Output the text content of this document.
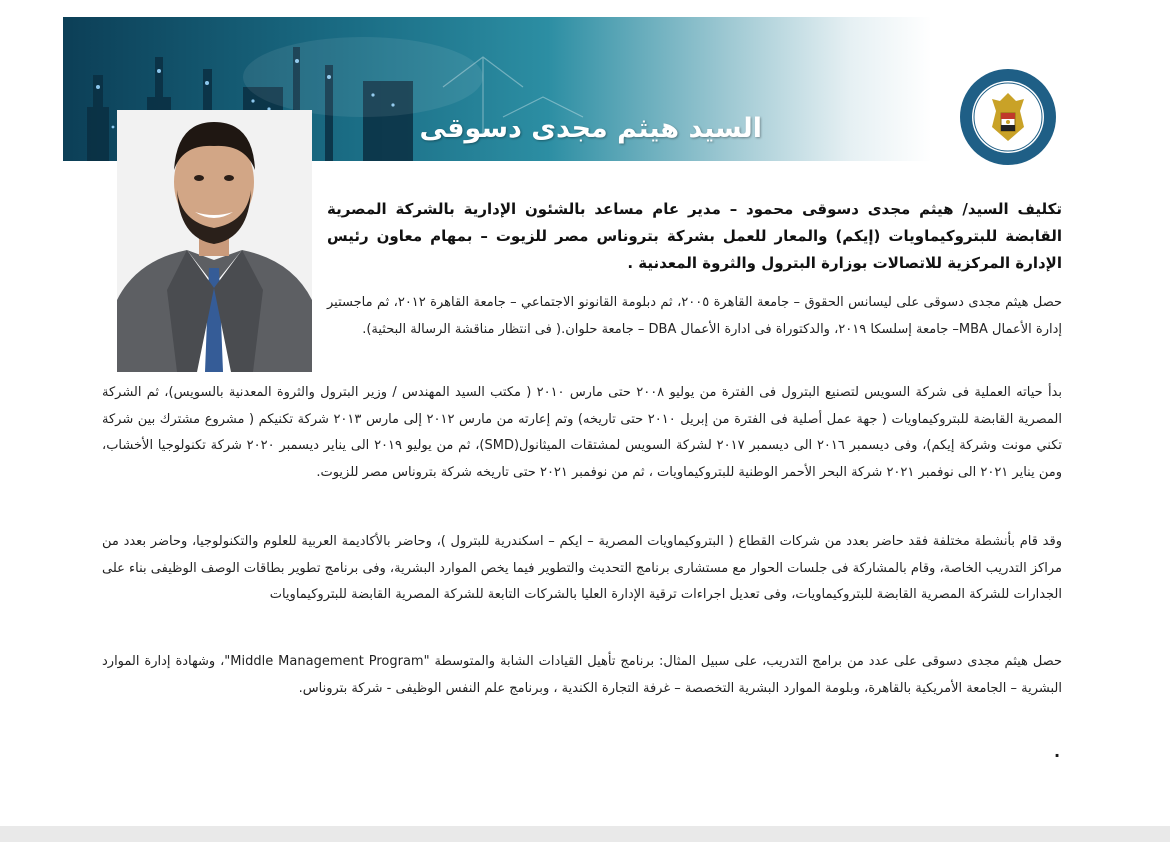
السيد هيثم مجدى دسوقى

تكليف السيد/ هيثم مجدى دسوقى محمود – مدير عام مساعد بالشئون الإدارية بالشركة المصرية القابضة للبتروكيماويات (إيكم) والمعار للعمل بشركة بتروناس مصر للزيوت – بمهام معاون رئيس الإدارة المركزية للاتصالات بوزارة البترول والثروة المعدنية .

حصل هيثم مجدى دسوقى على ليسانس الحقوق – جامعة القاهرة ٢٠٠٥، ثم دبلومة القانونو الاجتماعي – جامعة القاهرة ٢٠١٢، ثم ماجستير إدارة الأعمال MBA– جامعة إسلسكا ٢٠١٩، والدكتوراة فى ادارة الأعمال DBA – جامعة حلوان.( فى انتظار مناقشة الرسالة البحثية).

بدأ حياته العملية فى شركة السويس لتصنيع البترول فى الفترة من يوليو ٢٠٠٨ حتى مارس ٢٠١٠ ( مكتب السيد المهندس / وزير البترول والثروة المعدنية بالسويس)، ثم الشركة المصرية القابضة للبتروكيماويات ( جهة عمل أصلية فى الفترة من إبريل ٢٠١٠ حتى تاريخه) وتم إعارته من مارس ٢٠١٢ إلى مارس ٢٠١٣ شركة تكنيكم ( مشروع مشترك بين شركة تكني مونت وشركة إيكم)، وفى ديسمبر ٢٠١٦ الى ديسمبر ٢٠١٧ لشركة السويس لمشتقات الميثانول(SMD)، ثم من يوليو ٢٠١٩ الى يناير ديسمبر ٢٠٢٠ شركة تكنولوجيا الأخشاب، ومن يناير ٢٠٢١ الى نوفمبر ٢٠٢١ شركة البحر الأحمر الوطنية للبتروكيماويات ، ثم من نوفمبر ٢٠٢١ حتى تاريخه شركة بتروناس مصر للزيوت.

وقد قام بأنشطة مختلفة فقد حاضر بعدد من شركات القطاع ( البتروكيماويات المصرية – ايكم – اسكندرية للبترول )، وحاضر بالأكاديمة العربية للعلوم والتكنولوجيا، وحاضر بعدد من مراكز التدريب الخاصة، وقام بالمشاركة فى جلسات الحوار مع مستشارى برنامج التحديث والتطوير فيما يخص الموارد البشرية، وفى برنامج تطوير بطاقات الوصف الوظيفى بناء على الجدارات للشركة المصرية القابضة للبتروكيماويات، وفى تعديل اجراءات ترقية الإدارة العليا بالشركات التابعة للشركة المصرية القابضة للبتروكيماويات

حصل هيثم مجدى دسوقى على عدد من برامج التدريب، على سبيل المثال: برنامج تأهيل القيادات الشابة والمتوسطة "Middle Management Program"، وشهادة إدارة الموارد البشرية – الجامعة الأمريكية بالقاهرة، وبلومة الموارد البشرية التخصصة – غرفة التجارة الكندية ، وبرنامج علم النفس الوظيفى - شركة بتروناس.

.
